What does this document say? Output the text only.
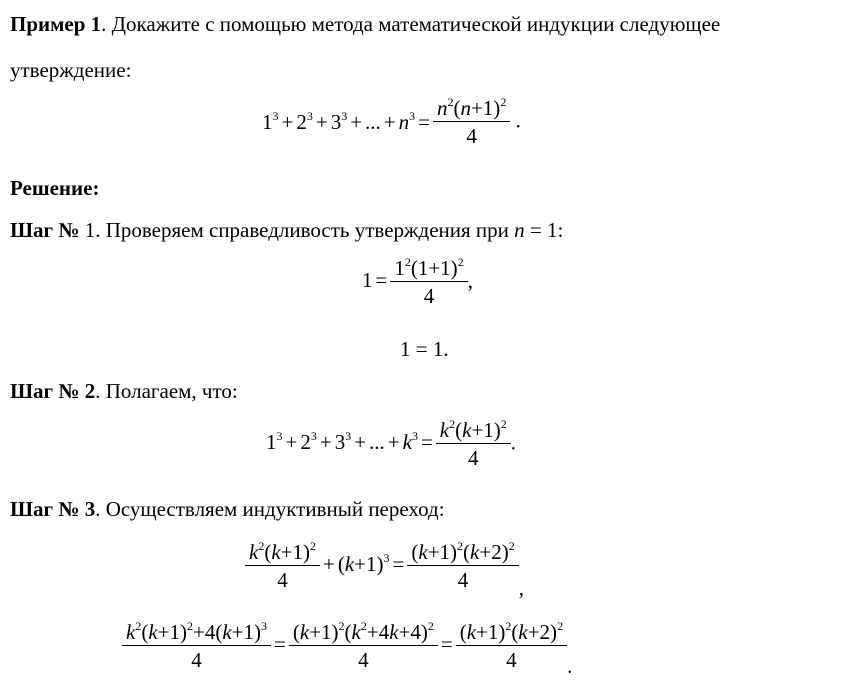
Пример 1. Докажите с помощью метода математической индукции следующее
утверждение:
$1^3 + 2^3 + 3^3$ + ... + $n^3 = \frac{n^2(n+1)^2}{4}$ .
Решение:
Шаг № 1. Проверяем справедливость утверждения при n = 1:
$1 = \frac{1^2(1+1)^2}{4}$ ,
1 = 1.
Шаг № 2. Полагаем, что:
$1^3 + 2^3 + 3^3$ + ... + $k^3 = \frac{k^2(k+1)^2}{4}$ .
Шаг № 3. Осуществляем индуктивный переход:
$\frac{k^2(k+1)^2}{4} + (k+1)^3 = \frac{(k+1)^2(k+2)^2}{4}$ ,
$\frac{k^2(k+1)^2+4(k+1)^3}{4} = \frac{(k+1)^2(k^2+4k+4)^2}{4} = \frac{(k+1)^2(k+2)^2}{4}$ .
